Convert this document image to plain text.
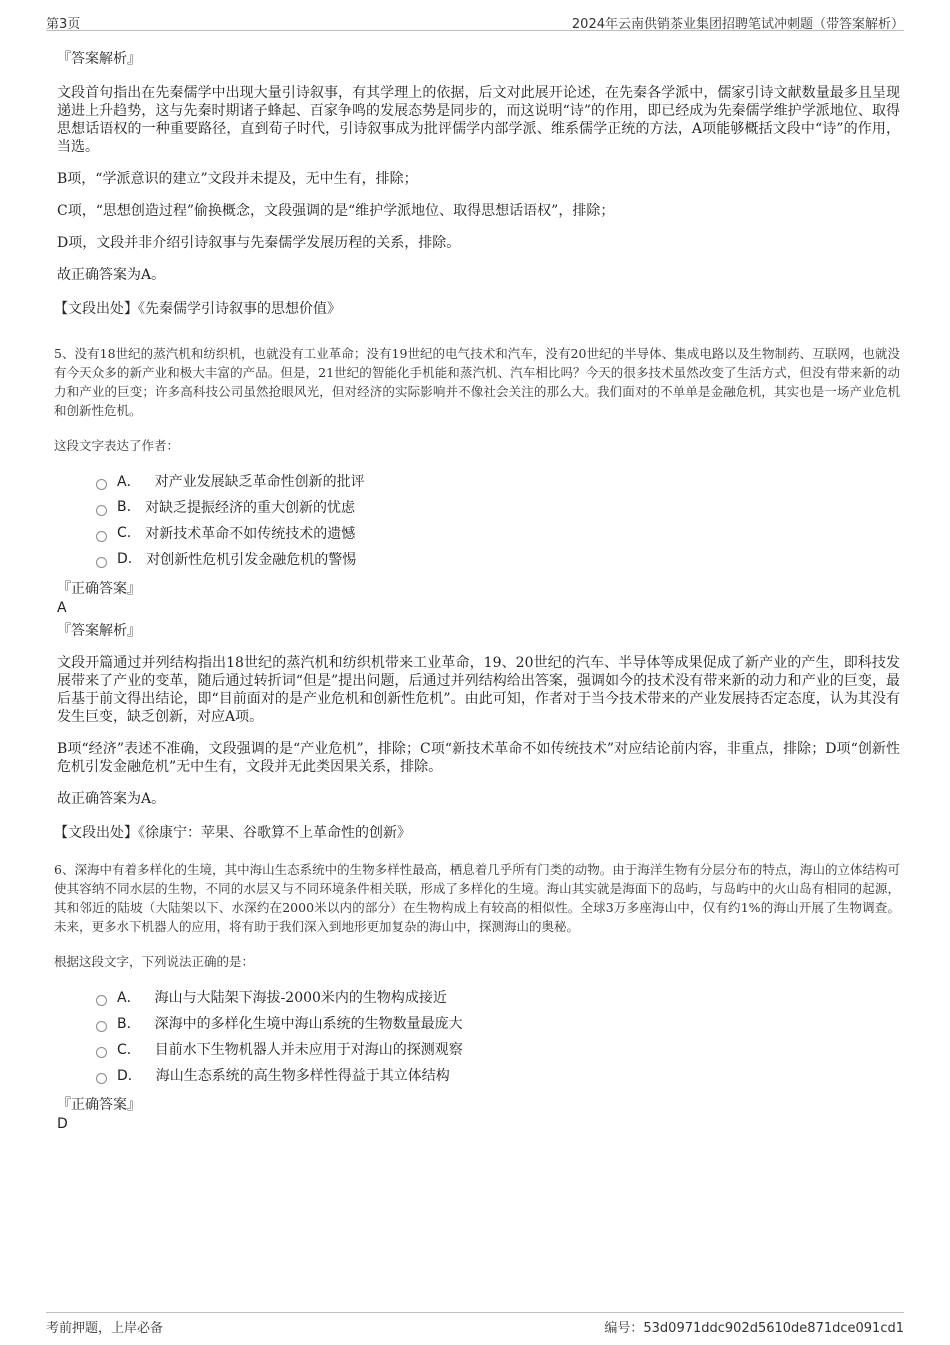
第3页	2024年云南供销茶业集团招聘笔试冲刺题（带答案解析）

『答案解析』

文段首句指出在先秦儒学中出现大量引诗叙事，有其学理上的依据，后文对此展开论述，在先秦各学派中，儒家引诗文献数量最多且呈现递进上升趋势，这与先秦时期诸子蜂起、百家争鸣的发展态势是同步的，而这说明“诗”的作用，即已经成为先秦儒学维护学派地位、取得思想话语权的一种重要路径，直到荀子时代，引诗叙事成为批评儒学内部学派、维系儒学正统的方法，A项能够概括文段中“诗”的作用，当选。

B项，“学派意识的建立”文段并未提及，无中生有，排除；

C项，“思想创造过程”偷换概念，文段强调的是“维护学派地位、取得思想话语权”，排除；

D项，文段并非介绍引诗叙事与先秦儒学发展历程的关系，排除。

故正确答案为A。

【文段出处】《先秦儒学引诗叙事的思想价值》

5、没有18世纪的蒸汽机和纺织机，也就没有工业革命；没有19世纪的电气技术和汽车，没有20世纪的半导体、集成电路以及生物制药、互联网，也就没有今天众多的新产业和极大丰富的产品。但是，21世纪的智能化手机能和蒸汽机、汽车相比吗？今天的很多技术虽然改变了生活方式，但没有带来新的动力和产业的巨变；许多高科技公司虽然抢眼风光，但对经济的实际影响并不像社会关注的那么大。我们面对的不单单是金融危机，其实也是一场产业危机和创新性危机。

这段文字表达了作者：

A． 对产业发展缺乏革命性创新的批评
B. 对缺乏提振经济的重大创新的忧虑
C. 对新技术革命不如传统技术的遗憾
D. 对创新性危机引发金融危机的警惕

『正确答案』

A

『答案解析』

文段开篇通过并列结构指出18世纪的蒸汽机和纺织机带来工业革命，19、20世纪的汽车、半导体等成果促成了新产业的产生，即科技发展带来了产业的变革，随后通过转折词“但是”提出问题，后通过并列结构给出答案，强调如今的技术没有带来新的动力和产业的巨变，最后基于前文得出结论，即“目前面对的是产业危机和创新性危机”。由此可知，作者对于当今技术带来的产业发展持否定态度，认为其没有发生巨变，缺乏创新，对应A项。

B项“经济”表述不准确，文段强调的是“产业危机”，排除；C项“新技术革命不如传统技术”对应结论前内容，非重点，排除；D项“创新性危机引发金融危机”无中生有，文段并无此类因果关系，排除。

故正确答案为A。

【文段出处】《徐康宁：苹果、谷歌算不上革命性的创新》

6、深海中有着多样化的生境，其中海山生态系统中的生物多样性最高，栖息着几乎所有门类的动物。由于海洋生物有分层分布的特点，海山的立体结构可使其容纳不同水层的生物，不同的水层又与不同环境条件相关联，形成了多样化的生境。海山其实就是海面下的岛屿，与岛屿中的火山岛有相同的起源，其和邻近的陆坡（大陆架以下、水深约在2000米以内的部分）在生物构成上有较高的相似性。全球3万多座海山中，仅有约1%的海山开展了生物调查。未来，更多水下机器人的应用，将有助于我们深入到地形更加复杂的海山中，探测海山的奥秘。

根据这段文字，下列说法正确的是：

A． 海山与大陆架下海拔-2000米内的生物构成接近
B． 深海中的多样化生境中海山系统的生物数量最庞大
C． 目前水下生物机器人并未应用于对海山的探测观察
D． 海山生态系统的高生物多样性得益于其立体结构

『正确答案』

D

考前押题，上岸必备	编号：53d0971ddc902d5610de871dce091cd1
